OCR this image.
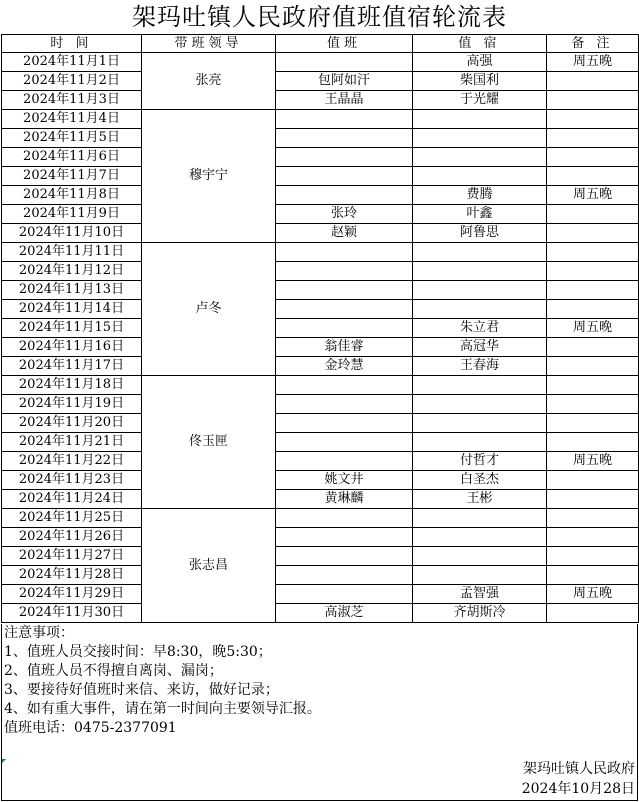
架玛吐镇人民政府值班值宿轮流表
时 间	带班领导	值班	值 宿	备 注
2024年11月1日	张亮		高强	周五晚
2024年11月2日		包阿如汗	柴国利	
2024年11月3日		王晶晶	于光耀	
2024年11月4日	穆宇宁			
2024年11月5日				
2024年11月6日				
2024年11月7日				
2024年11月8日			费腾	周五晚
2024年11月9日		张玲	叶鑫	
2024年11月10日		赵颖	阿鲁思	
2024年11月11日	卢冬			
2024年11月12日				
2024年11月13日				
2024年11月14日				
2024年11月15日			朱立君	周五晚
2024年11月16日		翁佳睿	高冠华	
2024年11月17日		金玲慧	王春海	
2024年11月18日	佟玉匣			
2024年11月19日				
2024年11月20日				
2024年11月21日				
2024年11月22日			付哲才	周五晚
2024年11月23日		姚文井	白圣杰	
2024年11月24日		黄琳麟	王彬	
2024年11月25日	张志昌			
2024年11月26日				
2024年11月27日				
2024年11月28日				
2024年11月29日			孟智强	周五晚
2024年11月30日		高淑芝	齐胡斯冷	
注意事项：
1、值班人员交接时间：早8:30，晚5:30；
2、值班人员不得擅自离岗、漏岗；
3、要接待好值班时来信、来访，做好记录；
4、如有重大事件，请在第一时间向主要领导汇报。
值班电话：0475-2377091
架玛吐镇人民政府
2024年10月28日
